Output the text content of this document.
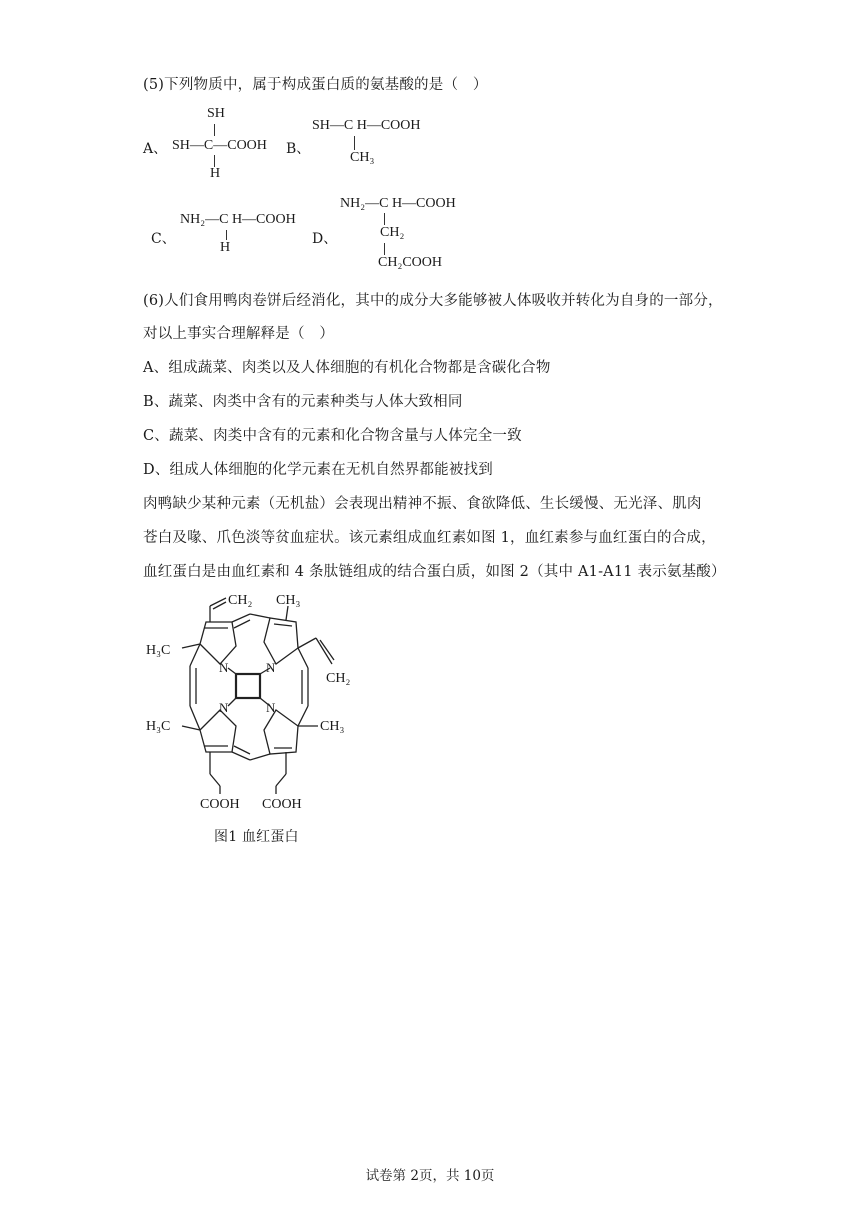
(5)下列物质中，属于构成蛋白质的氨基酸的是（　）
A、
SH
SH—C—COOH
H
B、
SH—C H—COOH
CH₃
C、
NH₂—C H—COOH
H
D、
NH₂—C H—COOH
CH₂
CH₂COOH
(6)人们食用鸭肉卷饼后经消化，其中的成分大多能够被人体吸收并转化为自身的一部分，
对以上事实合理解释是（　）
A、组成蔬菜、肉类以及人体细胞的有机化合物都是含碳化合物
B、蔬菜、肉类中含有的元素种类与人体大致相同
C、蔬菜、肉类中含有的元素和化合物含量与人体完全一致
D、组成人体细胞的化学元素在无机自然界都能被找到
肉鸭缺少某种元素（无机盐）会表现出精神不振、食欲降低、生长缓慢、无光泽、肌肉
苍白及喙、爪色淡等贫血症状。该元素组成血红素如图 1，血红素参与血红蛋白的合成，
血红蛋白是由血红素和 4 条肽链组成的结合蛋白质，如图 2（其中 A1-A11 表示氨基酸）
CH₂ CH₃
H₃C
CH₂
H₃C	CH₃
COOH COOH
N	N
N	N
图1 血红蛋白
试卷第 2页，共 10页
